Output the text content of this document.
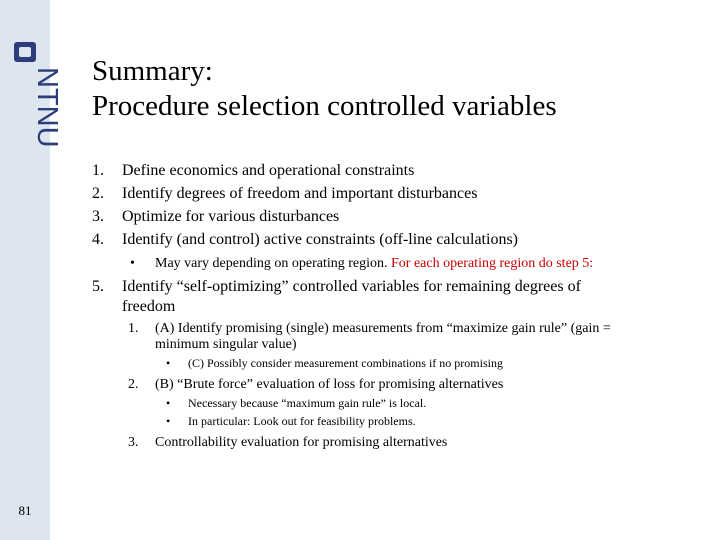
NTNU
81
Summary:
Procedure selection controlled variables
1. Define economics and operational constraints
2. Identify degrees of freedom and important disturbances
3. Optimize for various disturbances
4. Identify (and control) active constraints (off-line calculations)
• May vary depending on operating region. For each operating region do step 5:
5. Identify “self-optimizing” controlled variables for remaining degrees of
freedom
1. (A) Identify promising (single) measurements from “maximize gain rule” (gain =
minimum singular value)
• (C) Possibly consider measurement combinations if no promising
2. (B) “Brute force” evaluation of loss for promising alternatives
• Necessary because “maximum gain rule” is local.
• In particular: Look out for feasibility problems.
3. Controllability evaluation for promising alternatives
